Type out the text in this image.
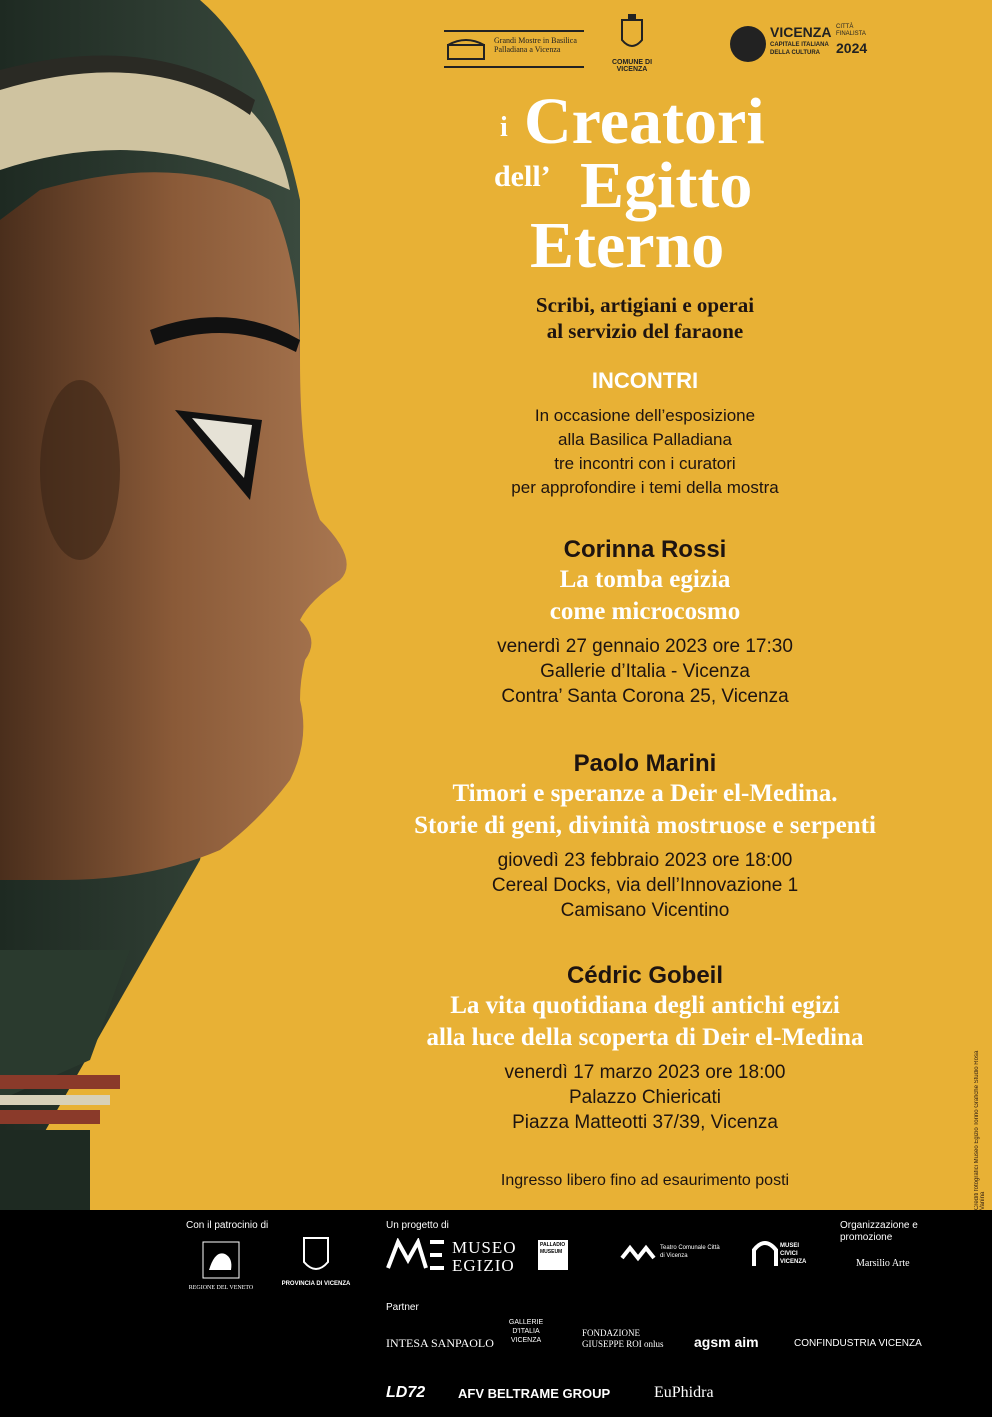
Grandi Mostre in Basilica Palladiana a Vicenza
COMUNE DI VICENZA
VICENZA CITTÀ FINALISTA
CAPITALE ITALIANA DELLA CULTURA	2024
i Creatori
dell’ Egitto
Eterno
Scribi, artigiani e operai
al servizio del faraone
INCONTRI
In occasione dell’esposizione
alla Basilica Palladiana
tre incontri con i curatori
per approfondire i temi della mostra
Corinna Rossi
La tomba egizia
come microcosmo
venerdì 27 gennaio 2023 ore 17:30
Gallerie d’Italia - Vicenza
Contra’ Santa Corona 25, Vicenza
Paolo Marini
Timori e speranze a Deir el-Medina.
Storie di geni, divinità mostruose e serpenti
giovedì 23 febbraio 2023 ore 18:00
Cereal Docks, via dell’Innovazione 1
Camisano Vicentino
Cédric Gobeil
La vita quotidiana degli antichi egizi
alla luce della scoperta di Deir el-Medina
venerdì 17 marzo 2023 ore 18:00
Palazzo Chiericati
Piazza Matteotti 37/39, Vicenza
Ingresso libero fino ad esaurimento posti	Crediti fotografici Museo Egizio Torino Grafiche Studio Rosa Vanina
Con il patrocinio di
REGIONE DEL VENETO
PROVINCIA DI VICENZA
Un progetto di
MUSEO
EGIZIO
PALLADIO MUSEUM
Teatro Comunale Città di Vicenza
MUSEI CIVICI VICENZA
Organizzazione e promozione
Marsilio Arte
Partner
INTESA SANPAOLO
GALLERIE D'ITALIA VICENZA
FONDAZIONE GIUSEPPE ROI onlus	agsm aim	CONFINDUSTRIA VICENZA
LD72	AFV BELTRAME GROUP	EuPhidra
